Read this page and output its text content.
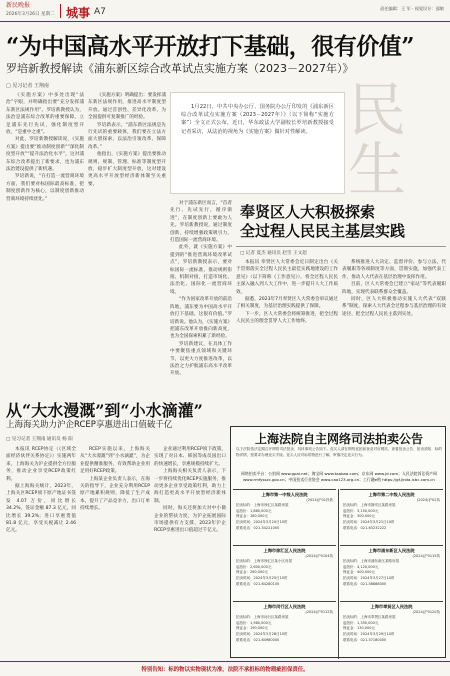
新民晚报
2026年3月26日 星期二 城事 A7	责任编辑：王 军 · 视觉设计：邵敏
“为中国高水平开放打下基础，很有价值”
罗培新教授解读《浦东新区综合改革试点实施方案（2023－2027年）》
□ 见习记者 王翔南

《实施方案》中多处出现“法治”字眼，并明确指出要“充分发挥浦东新区法规作用”。罗培新教授认为，法治是浦东综合改革的重要保障。立足浦东先行先试，强化制度型开放，“是重中之重”。

对此，罗培新教授解读说，《实施方案》提出要“推动制度创新”“深化制度型开放”“提升法治化水平”，这对浦东综合改革提出了新要求，也为浦东法治建设提供了新机遇。

罗培新说，“在打造一流营商环境方面，我们要对标国际最高标准，把制度创新作为核心，以制度创新推动营商环境持续优化。”

《实施方案》明确提出：要发挥浦东新区法规作用，推进高水平制度型开放。通过首创性、差异化改革，为全国提供可复制推广的经验。

罗培新表示，“浦东新区法规是先行先试的重要载体，我们要在立法方面大胆探索，以法治引领改革、保障改革。”

他指出，《实施方案》提出要推动规则、规制、管理、标准等制度型开放，稳步扩大制度型开放，这对建设更高水平开放型经济新体制至关重要。

对于浦东新区而言，“首者先行、先试先行，循序渐进”，在制度创新上要敢为人先。罗培新教授说，通过制度创新，持续增强政策吸引力，打造国际一流营商环境。

此外，就《实施方案》中提到的“推进营商环境改革试点”，罗培新教授表示，要对标国际一流标准，推动规则衔接、机制对接，打造市场化、法治化、国际化一流营商环境。

“作为国家改革开放的前沿阵地，浦东要为中国高水平开放打下基础，这很有价值。”罗培新说。他认为，《实施方案》把浦东改革开放推向新高度，也为全国探索积累了新经验。

罗培新建议，在具体工作中要聚焦重点领域和关键环节，以更大力度推进改革，以法治之力护航浦东高水平改革开放。

1月22日，中共中央办公厅、国务院办公厅印发的《浦东新区综合改革试点实施方案（2023－2027年）》（以下简称“实施方案”）全文正式公布。近日，华东政法大学副校长罗培新教授接受记者采访，从法治的视角为《实施方案》做针对性解读。 民生
奉贤区人大积极探索
全过程人民民主基层实践
□ 记者 夏杰 通讯员 赵雪 王文超

本报讯 奉贤区人大常委会近日制定出台《关于贯彻落实全过程人民民主最佳实践地建设的工作意见》（以下简称《工作意见》），将全过程人民民主深入融入到人大工作中，进一步提升人大工作质效。

据悉，2023年7月奉贤区人大常委会审议通过了相关制度，为基层治理实践提供了保障。

下一步，区人大常委会将统筹推进，把全过程人民民主的理念贯穿人大工作始终。

系统推进人大决定、监督评价、参与立法、代表履职等各项制度等方面，贯彻实施，加强代表工作，推动人大代表在基层治理中发挥作用。

目前，区人大常委会已建立“家站”等代表履职阵地，实现代表联系群众全覆盖。

同时，区人大积极推动实施人大代表“双联系”制度，探索人大代表全过程参与基层治理的有效途径，把全过程人民民主落到实处。

从“大水漫溉”到“小水滴灌”
上海海关助力沪企RCEP享惠进出口值破千亿
□ 见习记者 王翔南 通讯员 杨 阳

本报讯 RCEP协定（《区域全面经济伙伴关系协定》）实施两年来，上海海关为沪企提供全方位服务，推动企业享受RCEP政策红利。

据上海海关统计，2023年，上海关区RCEP项下原产地证书签发 4.07 万份，同比增长 34.2%，签证金额 87.3 亿元，同比增长 39.2%；进口享惠货值 81.8 亿元，享受关税减让 2.46 亿元。

RCEP实施以来，上海海关从“大水漫溉”到“小水滴灌”，为企业提供精准服务，有效帮助企业用足用好RCEP政策。

上海某企业负责人表示，在海关的指导下，企业充分利用RCEP原产地累积规则，降低了生产成本，提升了产品竞争力，出口订单持续增长。

企业通过利用RCEP项下政策，实现了对日本、韩国等成员国出口的快速增长，享惠规模持续扩大。

上海海关相关负责人表示，下一步将持续优化RCEP实施服务，推动更多企业享受政策红利，助力上海打造更高水平开放型经济新体制。

同时，海关还将加大对中小微企业的帮扶力度，为沪企拓展国际市场提供有力支撑，2023年沪企RCEP享惠进出口值超过千亿元。

上海法院自主网络司法拍卖公告
以下法院依法定期召开网络司法拍卖，具体事项公告如下。竞买人请在网络竞拍前登录对应网站，查看拍卖公告、拍卖须知、标的物详情，按要求办理竞买手续。竞买人应对标的物进行了解，审慎决定竞买行为。
网络拍卖平台：公拍网 www.gpai.net；淘宝网 www.taobao.com；京东网 www.jd.com；人民法院诉讼资产网 www.rmfysszc.gov.cn；中国拍卖行业协会 www.caa123.org.cn；工行融e购 https://gf.jinda.icbc.com.cn
上海市第一中级人民法院
(2024)沪01执恢
拍卖标的：上海市徐汇区某路房屋
起拍价：1,860,000元
保证金：180,000元
拍卖时间：2024年3月20日10时
联系电话：021-54221000
上海市第二中级人民法院
(2024)沪02执
拍卖标的：上海市静安区某路房屋
起拍价：3,150,000元
保证金：300,000元
拍卖时间：2024年3月21日10时
联系电话：021-63232222
上海市徐汇区人民法院
(2024)沪0104执
拍卖标的：上海市徐汇区某小区房屋
起拍价：2,600,000元
保证金：260,000元
拍卖时间：2024年3月25日10时
联系电话：021-64280100
上海市浦东新区人民法院
(2024)沪0115执
拍卖标的：上海市浦东新区某路房屋
起拍价：4,120,000元
保证金：400,000元
拍卖时间：2024年3月27日10时
联系电话：021-58888000
上海市闵行区人民法院
(2024)沪0112执
拍卖标的：上海市闵行区某路房屋
起拍价：1,980,000元
保证金：190,000元
拍卖时间：2024年3月28日10时
联系电话：021-64980000
上海市奉贤区人民法院
(2024)沪0120执
拍卖标的：上海市奉贤区某路房屋
起拍价：1,350,000元
保证金：130,000元
拍卖时间：2024年3月29日10时
联系电话：021-57180000
特别告知：标的物以实物现状为准，法院不承担标的物瑕疵担保责任。
